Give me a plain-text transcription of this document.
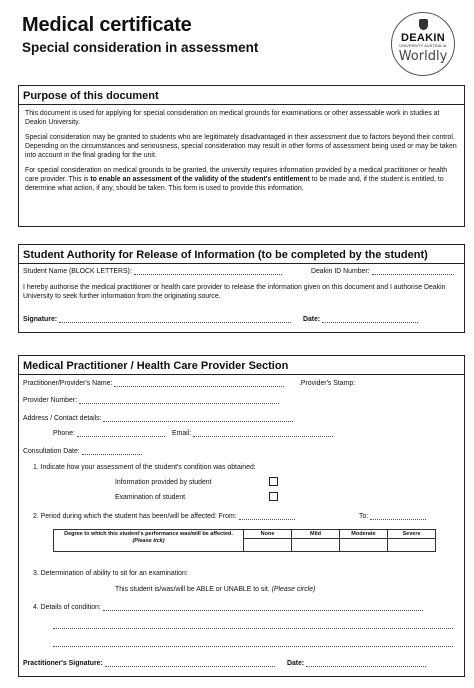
Medical certificate
Special consideration in assessment
DEAKIN
UNIVERSITY AUSTRALIA
Worldly
Purpose of this document

This document is used for applying for special consideration on medical grounds for examinations or other assessable work in studies at Deakin University.

Special consideration may be granted to students who are legitimately disadvantaged in their assessment due to factors beyond their control. Depending on the circumstances and seriousness, special consideration may result in other forms of assessment being used or may be taken into account in the final grading for the unit.

For special consideration on medical grounds to be granted, the university requires information provided by a medical practitioner or health care provider. This is to enable an assessment of the validity of the student's entitlement to be made and, if the student is entitled, to determine what action, if any, should be taken. This form is used to provide this information.

Student Authority for Release of Information (to be completed by the student)
Student Name (BLOCK LETTERS):	Deakin ID Number:

I hereby authorise the medical practitioner or health care provider to release the information given on this document and I authorise Deakin University to seek further information from the originating source.

Signature:	Date:
Medical Practitioner / Health Care Provider Section
Practitioner/Provider's Name:	.Provider's Stamp:
Provider Number:
Address / Contact details:
Phone:	Email:
Consultation Date:
1. Indicate how your assessment of the student's condition was obtained:
Information provided by student
Examination of student
2. Period during which the student has been/will be affected: From:	To:
Degree to which this student's performance was/will be affected. (Please tick)	None	Mild	Moderate	Severe

3. Determination of ability to sit for an examination:
This student is/was/will be ABLE or UNABLE to sit. (Please circle)
4. Details of condition:
Practitioner's Signature:	Date:
